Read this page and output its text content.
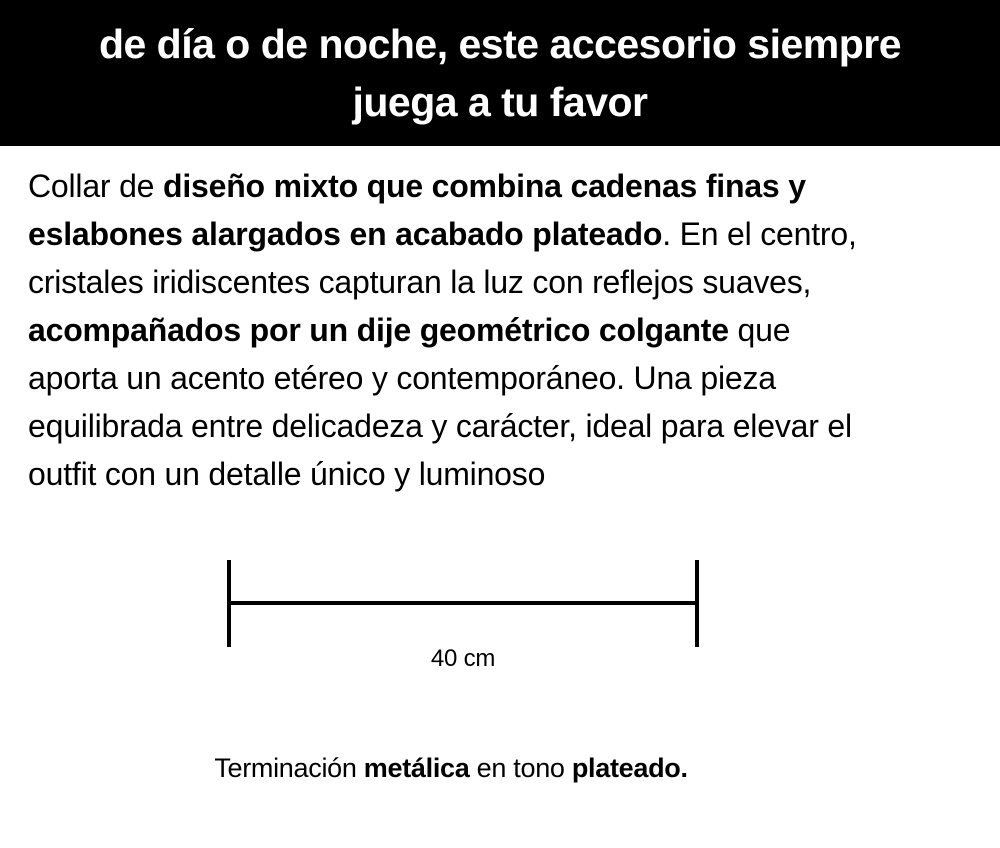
de día o de noche, este accesorio siempre
juega a tu favor
Collar de diseño mixto que combina cadenas finas y
eslabones alargados en acabado plateado. En el centro,
cristales iridiscentes capturan la luz con reflejos suaves,
acompañados por un dije geométrico colgante que
aporta un acento etéreo y contemporáneo. Una pieza
equilibrada entre delicadeza y carácter, ideal para elevar el
outfit con un detalle único y luminoso
40 cm
Terminación metálica en tono plateado.
